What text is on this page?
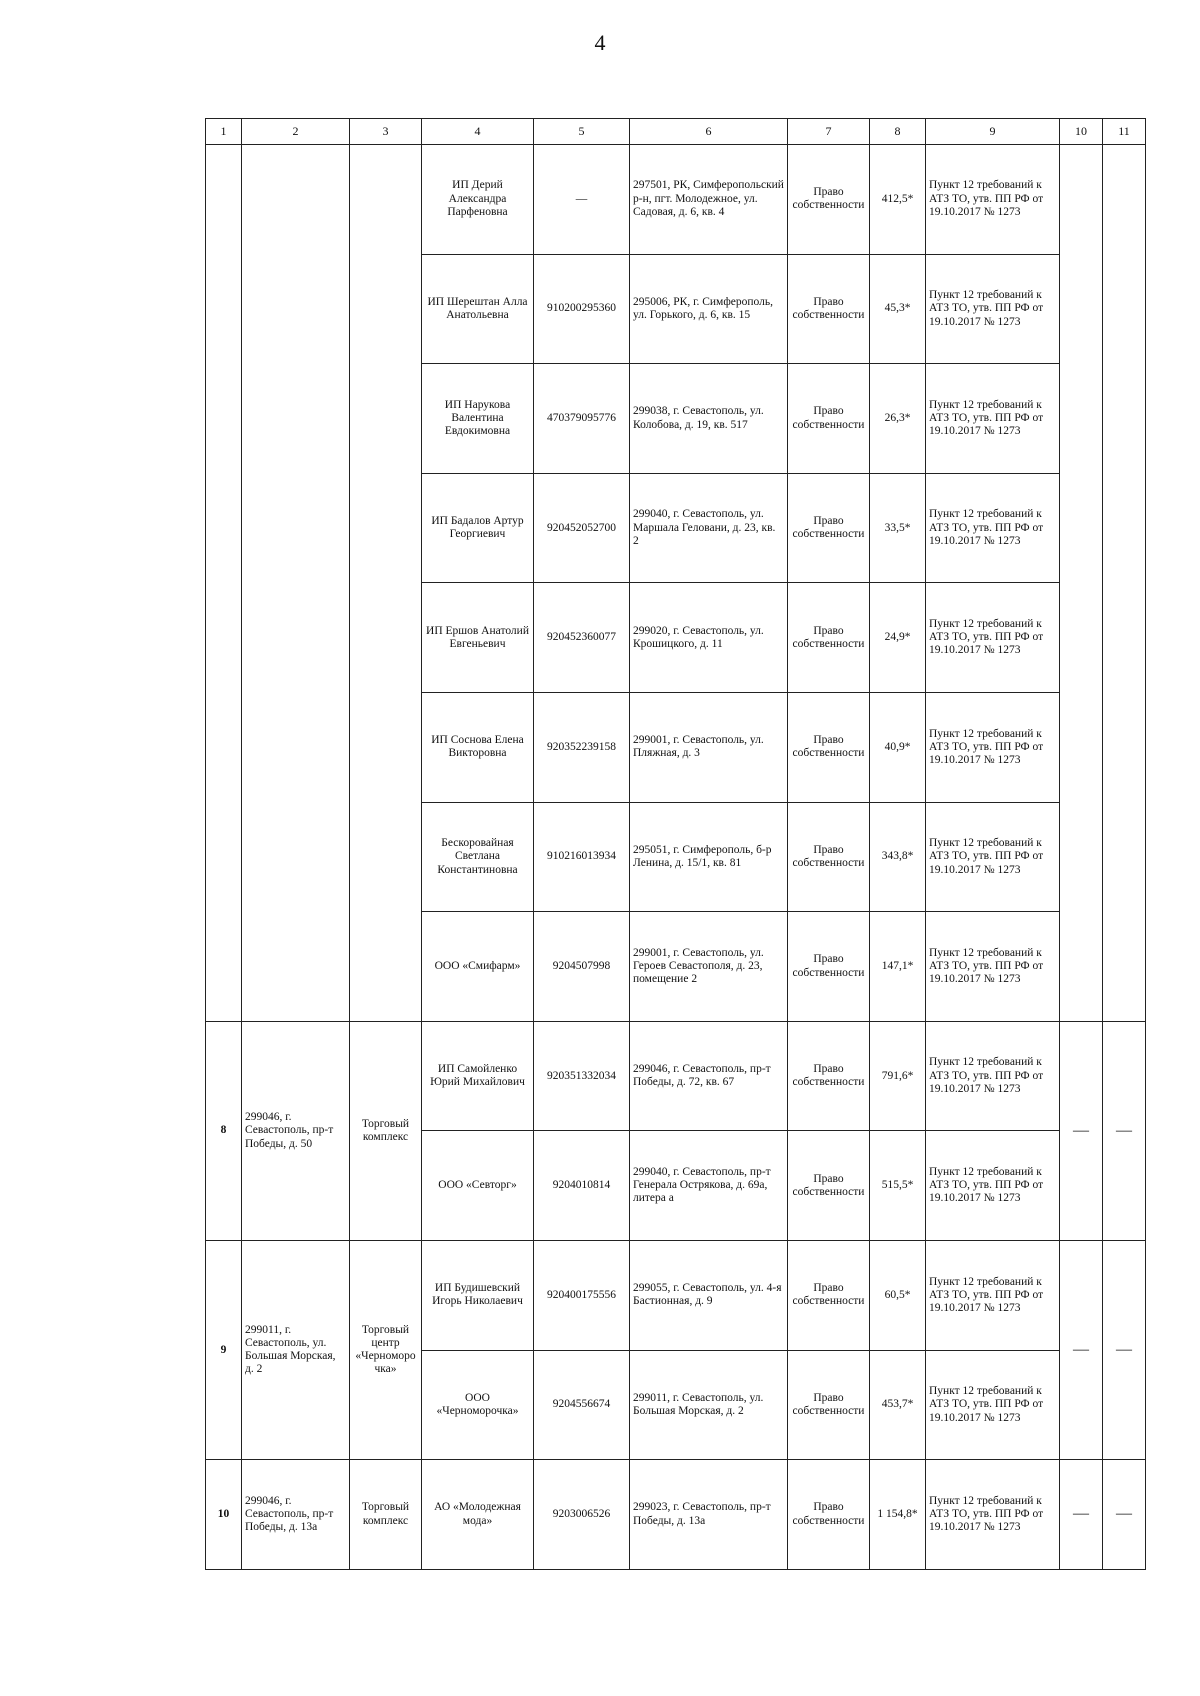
4
1	2	3	4	5	6	7	8	9	10	11
			ИП Дерий Александра Парфеновна	—	297501, РК, Симферопольский р-н, пгт. Молодежное, ул. Садовая, д. 6, кв. 4	Право собственности	412,5*	Пункт 12 требований к АТЗ ТО, утв. ПП РФ от 19.10.2017 № 1273		
			ИП Шерештан Алла Анатольевна	910200295360	295006, РК, г. Симферополь, ул. Горького, д. 6, кв. 15	Право собственности	45,3*	Пункт 12 требований к АТЗ ТО, утв. ПП РФ от 19.10.2017 № 1273		
			ИП Нарукова Валентина Евдокимовна	470379095776	299038, г. Севастополь, ул. Колобова, д. 19, кв. 517	Право собственности	26,3*	Пункт 12 требований к АТЗ ТО, утв. ПП РФ от 19.10.2017 № 1273		
			ИП Бадалов Артур Георгиевич	920452052700	299040, г. Севастополь, ул. Маршала Геловани, д. 23, кв. 2	Право собственности	33,5*	Пункт 12 требований к АТЗ ТО, утв. ПП РФ от 19.10.2017 № 1273		
			ИП Ершов Анатолий Евгеньевич	920452360077	299020, г. Севастополь, ул. Крошицкого, д. 11	Право собственности	24,9*	Пункт 12 требований к АТЗ ТО, утв. ПП РФ от 19.10.2017 № 1273		
			ИП Соснова Елена Викторовна	920352239158	299001, г. Севастополь, ул. Пляжная, д. 3	Право собственности	40,9*	Пункт 12 требований к АТЗ ТО, утв. ПП РФ от 19.10.2017 № 1273		
			Бескоровайная Светлана Константиновна	910216013934	295051, г. Симферополь, б-р Ленина, д. 15/1, кв. 81	Право собственности	343,8*	Пункт 12 требований к АТЗ ТО, утв. ПП РФ от 19.10.2017 № 1273		
			ООО «Смифарм»	9204507998	299001, г. Севастополь, ул. Героев Севастополя, д. 23, помещение 2	Право собственности	147,1*	Пункт 12 требований к АТЗ ТО, утв. ПП РФ от 19.10.2017 № 1273		
8	299046, г. Севастополь, пр-т Победы, д. 50	Торговый комплекс	ИП Самойленко Юрий Михайлович	920351332034	299046, г. Севастополь, пр-т Победы, д. 72, кв. 67	Право собственности	791,6*	Пункт 12 требований к АТЗ ТО, утв. ПП РФ от 19.10.2017 № 1273	—	—
			ООО «Севторг»	9204010814	299040, г. Севастополь, пр-т Генерала Острякова, д. 69а, литера а	Право собственности	515,5*	Пункт 12 требований к АТЗ ТО, утв. ПП РФ от 19.10.2017 № 1273		
9	299011, г. Севастополь, ул. Большая Морская, д. 2	Торговый центр «Черноморочка»	ИП Будишевский Игорь Николаевич	920400175556	299055, г. Севастополь, ул. 4-я Бастионная, д. 9	Право собственности	60,5*	Пункт 12 требований к АТЗ ТО, утв. ПП РФ от 19.10.2017 № 1273	—	—
			ООО «Черноморочка»	9204556674	299011, г. Севастополь, ул. Большая Морская, д. 2	Право собственности	453,7*	Пункт 12 требований к АТЗ ТО, утв. ПП РФ от 19.10.2017 № 1273		
10	299046, г. Севастополь, пр-т Победы, д. 13а	Торговый комплекс	АО «Молодежная мода»	9203006526	299023, г. Севастополь, пр-т Победы, д. 13а	Право собственности	1 154,8*	Пункт 12 требований к АТЗ ТО, утв. ПП РФ от 19.10.2017 № 1273	—	—
